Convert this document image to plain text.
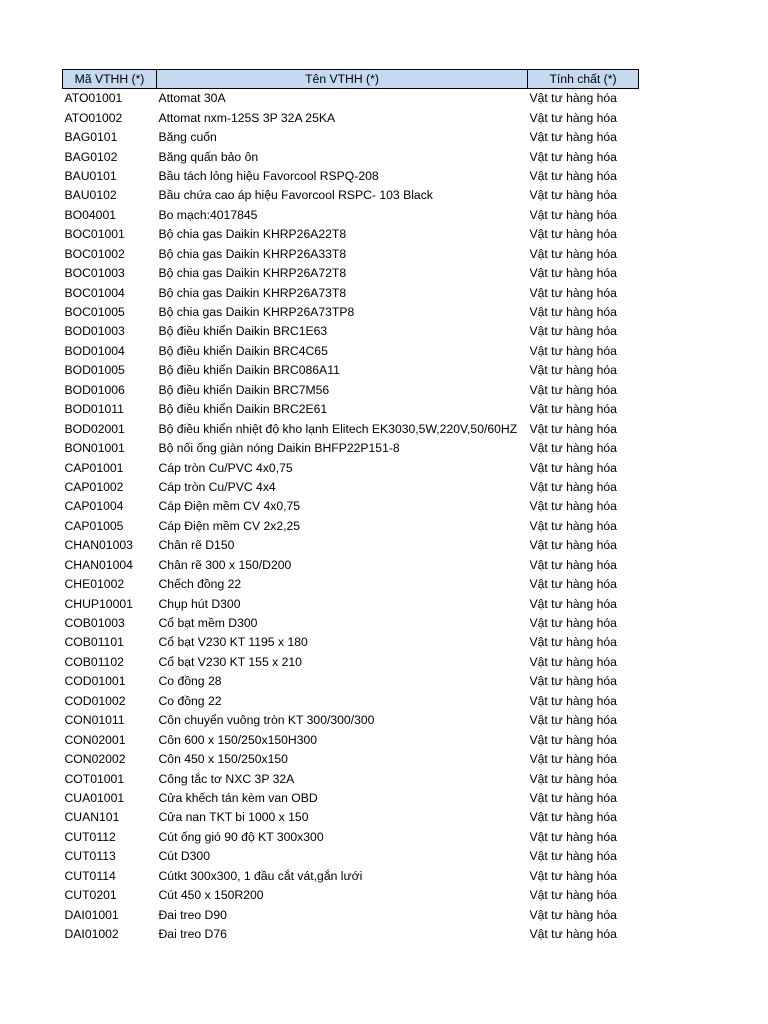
Mã VTHH (*)	Tên VTHH (*)	Tính chất (*)
ATO01001	Attomat 30A	Vật tư hàng hóa
ATO01002	Attomat nxm-125S 3P 32A 25KA	Vật tư hàng hóa
BAG0101	Băng cuốn	Vật tư hàng hóa
BAG0102	Băng quấn bảo ôn	Vật tư hàng hóa
BAU0101	Bầu tách lỏng hiệu Favorcool RSPQ-208	Vật tư hàng hóa
BAU0102	Bầu chứa cao áp hiệu Favorcool RSPC- 103 Black	Vật tư hàng hóa
BO04001	Bo mạch:4017845	Vật tư hàng hóa
BOC01001	Bộ chia gas Daikin KHRP26A22T8	Vật tư hàng hóa
BOC01002	Bộ chia gas Daikin KHRP26A33T8	Vật tư hàng hóa
BOC01003	Bộ chia gas Daikin KHRP26A72T8	Vật tư hàng hóa
BOC01004	Bộ chia gas Daikin KHRP26A73T8	Vật tư hàng hóa
BOC01005	Bộ chia gas Daikin KHRP26A73TP8	Vật tư hàng hóa
BOD01003	Bộ điều khiển Daikin BRC1E63	Vật tư hàng hóa
BOD01004	Bộ điều khiển Daikin BRC4C65	Vật tư hàng hóa
BOD01005	Bộ điều khiển Daikin BRC086A11	Vật tư hàng hóa
BOD01006	Bộ điều khiển Daikin BRC7M56	Vật tư hàng hóa
BOD01011	Bộ điều khiển Daikin BRC2E61	Vật tư hàng hóa
BOD02001	Bộ điều khiển nhiệt độ kho lạnh Elitech EK3030,5W,220V,50/60HZ	Vật tư hàng hóa
BON01001	Bộ nối ống giàn nóng Daikin BHFP22P151-8	Vật tư hàng hóa
CAP01001	Cáp tròn Cu/PVC 4x0,75	Vật tư hàng hóa
CAP01002	Cáp tròn Cu/PVC 4x4	Vật tư hàng hóa
CAP01004	Cáp Điện mềm CV 4x0,75	Vật tư hàng hóa
CAP01005	Cáp Điện mềm CV 2x2,25	Vật tư hàng hóa
CHAN01003	Chân rẽ D150	Vật tư hàng hóa
CHAN01004	Chân rẽ 300 x 150/D200	Vật tư hàng hóa
CHE01002	Chếch đồng 22	Vật tư hàng hóa
CHUP10001	Chụp hút D300	Vật tư hàng hóa
COB01003	Cổ bạt mềm D300	Vật tư hàng hóa
COB01101	Cổ bạt V230 KT 1195 x 180	Vật tư hàng hóa
COB01102	Cổ bạt V230 KT 155 x 210	Vật tư hàng hóa
COD01001	Co đồng 28	Vật tư hàng hóa
COD01002	Co đồng 22	Vật tư hàng hóa
CON01011	Côn chuyển vuông tròn KT 300/300/300	Vật tư hàng hóa
CON02001	Côn 600 x 150/250x150H300	Vật tư hàng hóa
CON02002	Côn 450 x 150/250x150	Vật tư hàng hóa
COT01001	Công tắc tơ NXC 3P 32A	Vật tư hàng hóa
CUA01001	Cửa khếch tán kèm van OBD	Vật tư hàng hóa
CUAN101	Cửa nan TKT bi 1000 x 150	Vật tư hàng hóa
CUT0112	Cút ống gió 90 độ KT 300x300	Vật tư hàng hóa
CUT0113	Cút D300	Vật tư hàng hóa
CUT0114	Cútkt 300x300, 1 đầu cắt vát,gắn lưới	Vật tư hàng hóa
CUT0201	Cút 450 x 150R200	Vật tư hàng hóa
DAI01001	Đai treo D90	Vật tư hàng hóa
DAI01002	Đai treo D76	Vật tư hàng hóa
